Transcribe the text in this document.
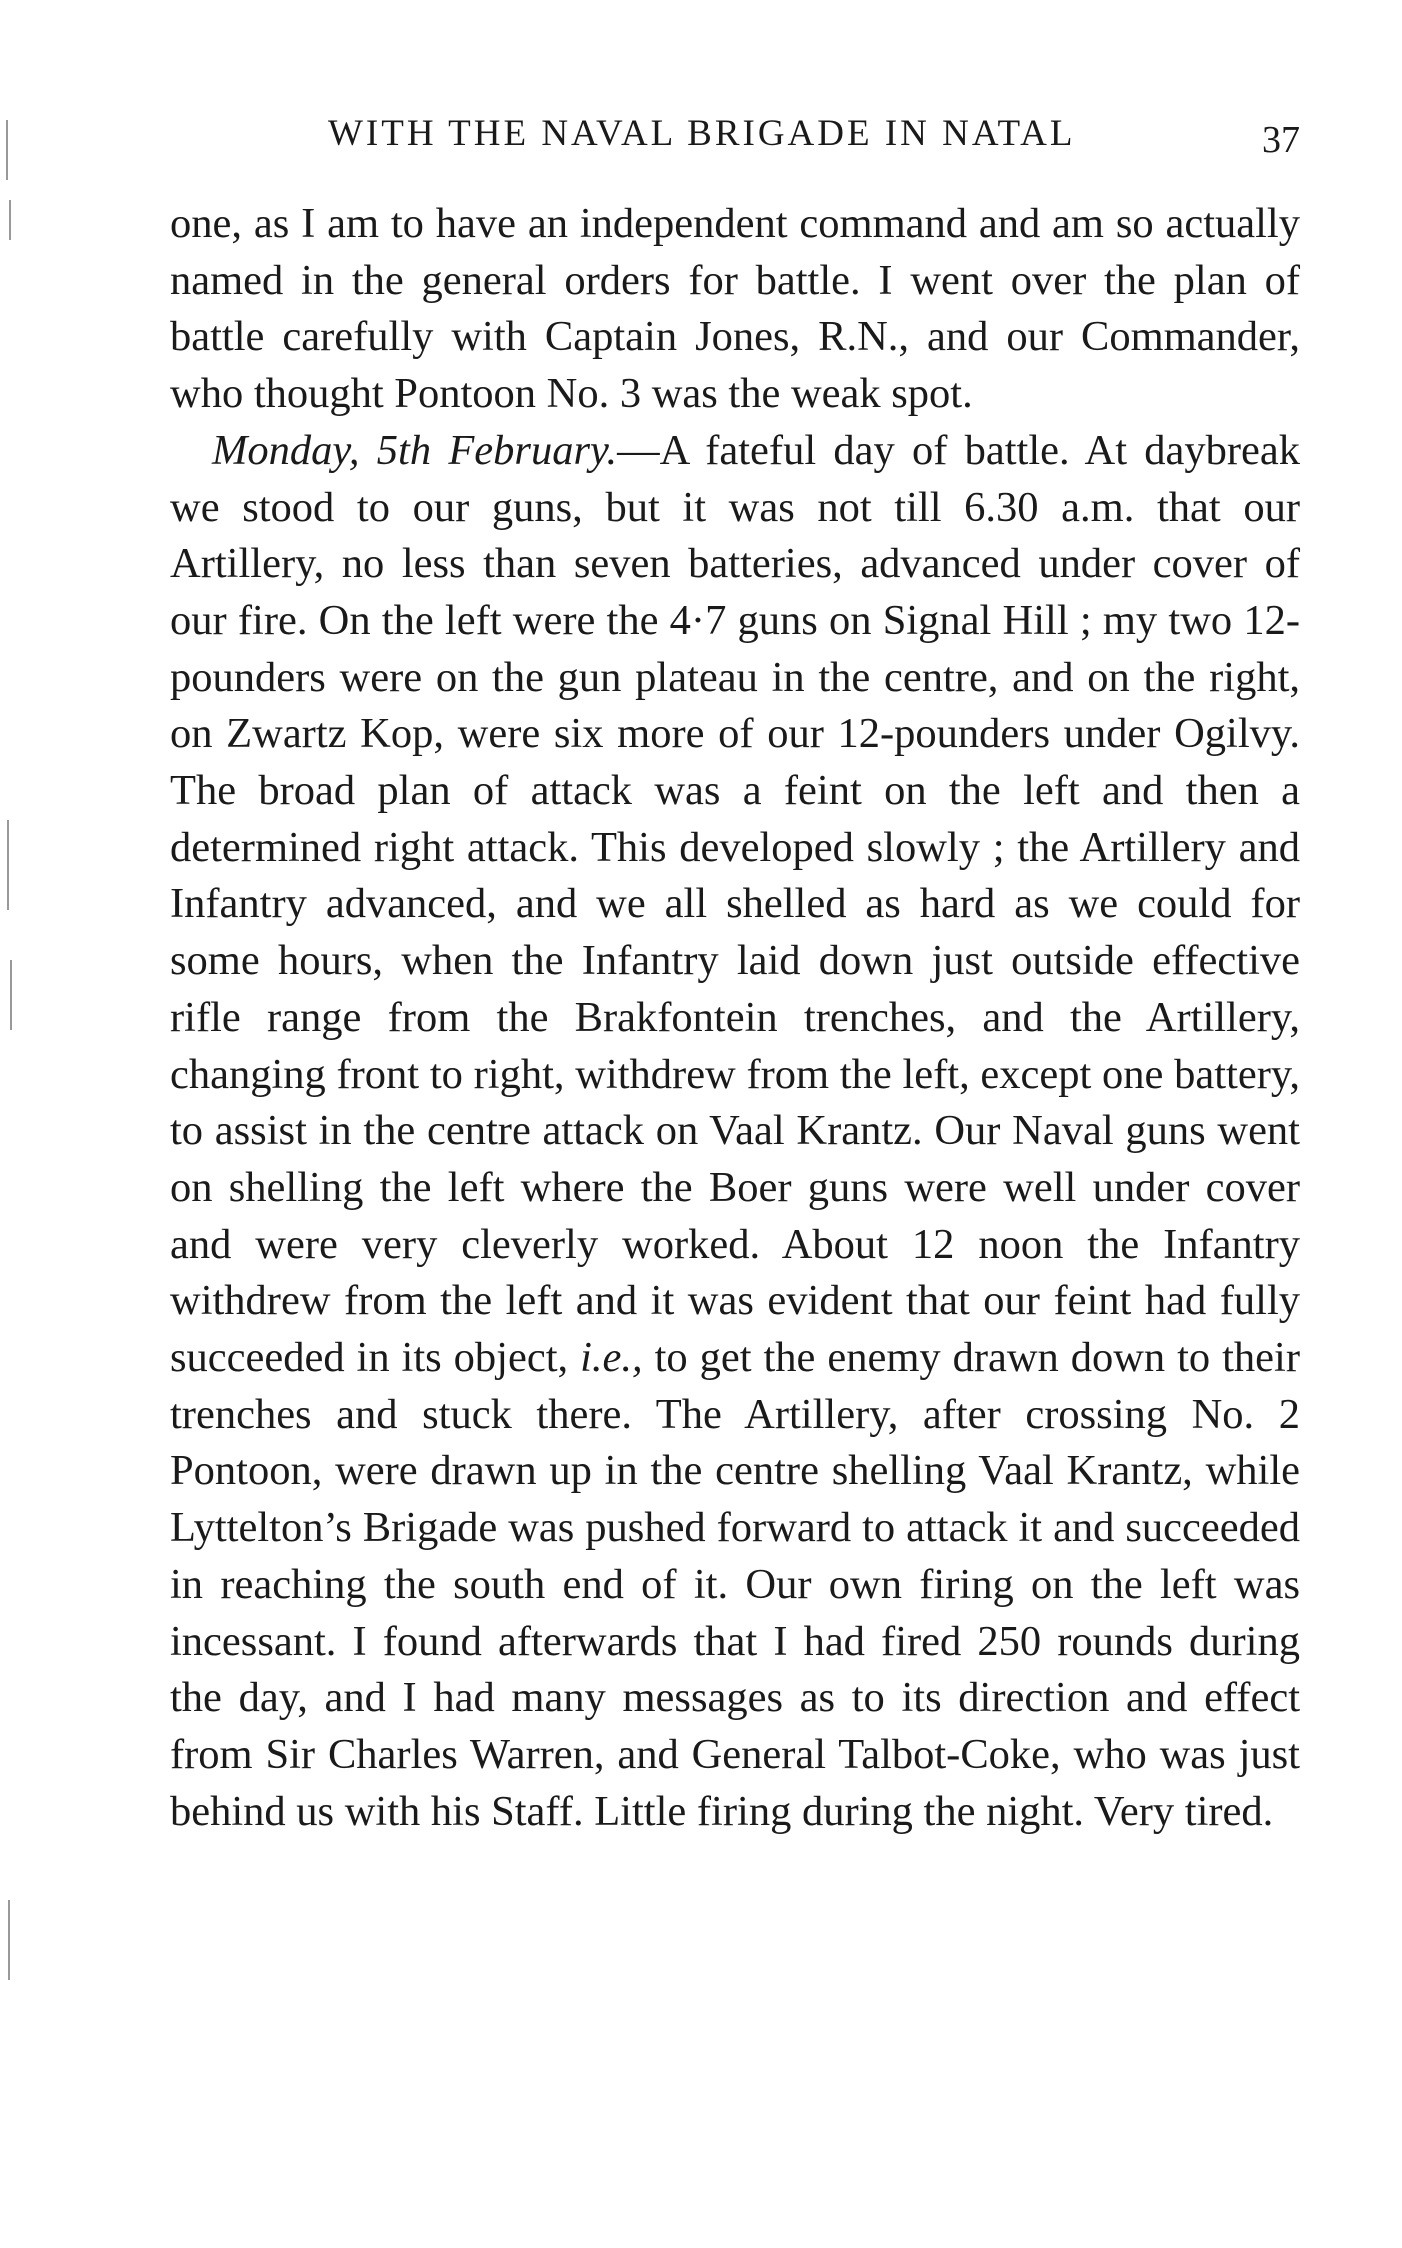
WITH THE NAVAL BRIGADE IN NATAL	37

one, as I am to have an independent command and am so actually named in the general orders for battle. I went over the plan of battle carefully with Captain Jones, R.N., and our Commander, who thought Pontoon No. 3 was the weak spot.

Monday, 5th February.—A fateful day of battle. At daybreak we stood to our guns, but it was not till 6.30 a.m. that our Artillery, no less than seven batteries, advanced under cover of our fire. On the left were the 4·7 guns on Signal Hill ; my two 12-pounders were on the gun plateau in the centre, and on the right, on Zwartz Kop, were six more of our 12-pounders under Ogilvy. The broad plan of attack was a feint on the left and then a determined right attack. This developed slowly ; the Artillery and Infantry advanced, and we all shelled as hard as we could for some hours, when the Infantry laid down just outside effective rifle range from the Brakfontein trenches, and the Artillery, changing front to right, withdrew from the left, except one battery, to assist in the centre attack on Vaal Krantz. Our Naval guns went on shelling the left where the Boer guns were well under cover and were very cleverly worked. About 12 noon the Infantry withdrew from the left and it was evident that our feint had fully succeeded in its object, i.e., to get the enemy drawn down to their trenches and stuck there. The Artillery, after crossing No. 2 Pontoon, were drawn up in the centre shelling Vaal Krantz, while Lyttelton’s Brigade was pushed forward to attack it and succeeded in reaching the south end of it. Our own firing on the left was incessant. I found afterwards that I had fired 250 rounds during the day, and I had many messages as to its direction and effect from Sir Charles Warren, and General Talbot-Coke, who was just behind us with his Staff. Little firing during the night. Very tired.
